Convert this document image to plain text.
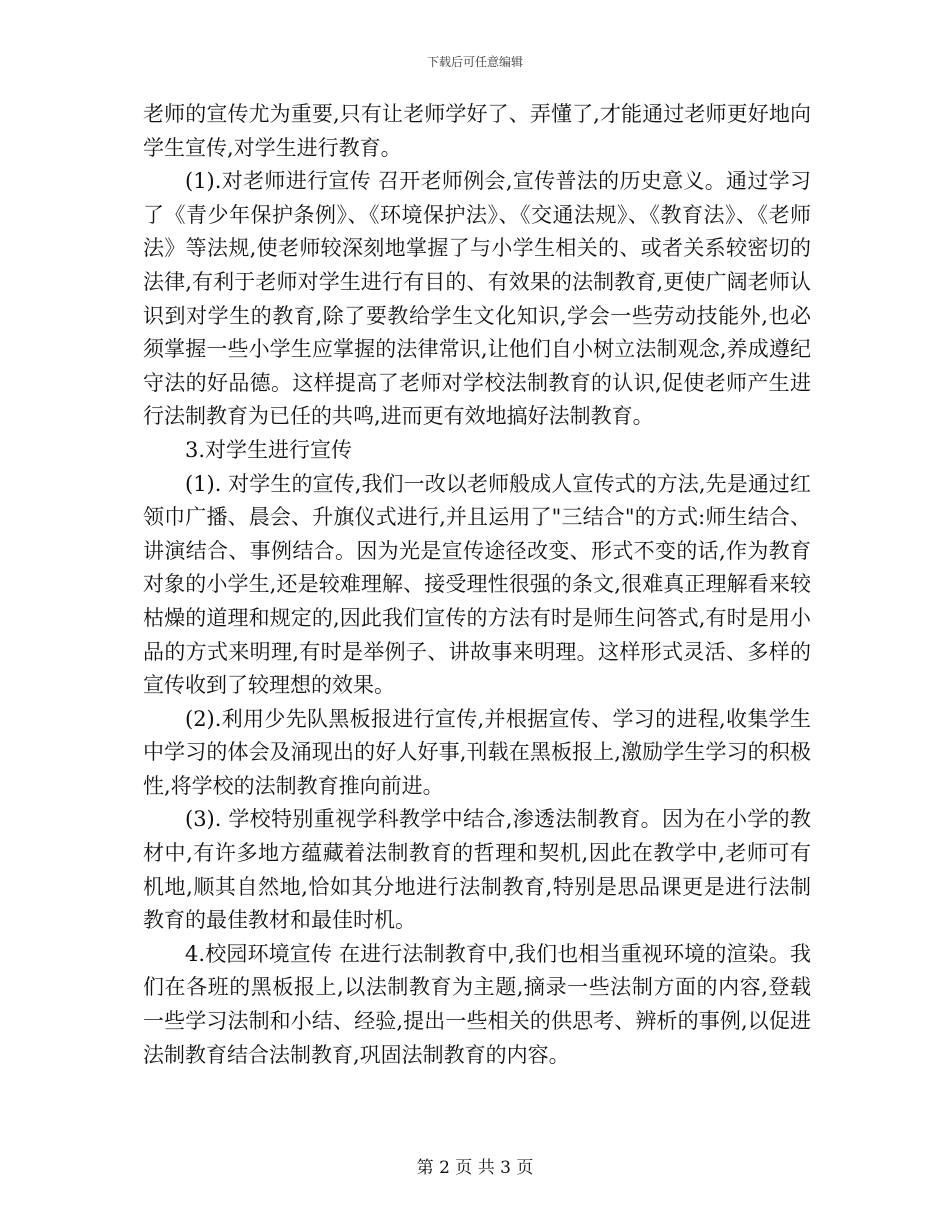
下载后可任意编辑

老师的宣传尤为重要,只有让老师学好了、弄懂了,才能通过老师更好地向学生宣传,对学生进行教育。

(1).对老师进行宣传 召开老师例会,宣传普法的历史意义。通过学习了《青少年保护条例》、《环境保护法》、《交通法规》、《教育法》、《老师法》等法规,使老师较深刻地掌握了与小学生相关的、或者关系较密切的法律,有利于老师对学生进行有目的、有效果的法制教育,更使广阔老师认识到对学生的教育,除了要教给学生文化知识,学会一些劳动技能外,也必须掌握一些小学生应掌握的法律常识,让他们自小树立法制观念,养成遵纪守法的好品德。这样提高了老师对学校法制教育的认识,促使老师产生进行法制教育为已任的共鸣,进而更有效地搞好法制教育。

3.对学生进行宣传

(1). 对学生的宣传,我们一改以老师般成人宣传式的方法,先是通过红领巾广播、晨会、升旗仪式进行,并且运用了"三结合"的方式:师生结合、讲演结合、事例结合。因为光是宣传途径改变、形式不变的话,作为教育对象的小学生,还是较难理解、接受理性很强的条文,很难真正理解看来较枯燥的道理和规定的,因此我们宣传的方法有时是师生问答式,有时是用小品的方式来明理,有时是举例子、讲故事来明理。这样形式灵活、多样的宣传收到了较理想的效果。

(2).利用少先队黑板报进行宣传,并根据宣传、学习的进程,收集学生中学习的体会及涌现出的好人好事,刊载在黑板报上,激励学生学习的积极性,将学校的法制教育推向前进。

(3). 学校特别重视学科教学中结合,渗透法制教育。因为在小学的教材中,有许多地方蕴藏着法制教育的哲理和契机,因此在教学中,老师可有机地,顺其自然地,恰如其分地进行法制教育,特别是思品课更是进行法制教育的最佳教材和最佳时机。

4.校园环境宣传 在进行法制教育中,我们也相当重视环境的渲染。我们在各班的黑板报上,以法制教育为主题,摘录一些法制方面的内容,登载一些学习法制和小结、经验,提出一些相关的供思考、辨析的事例,以促进法制教育结合法制教育,巩固法制教育的内容。

第 2 页 共 3 页
